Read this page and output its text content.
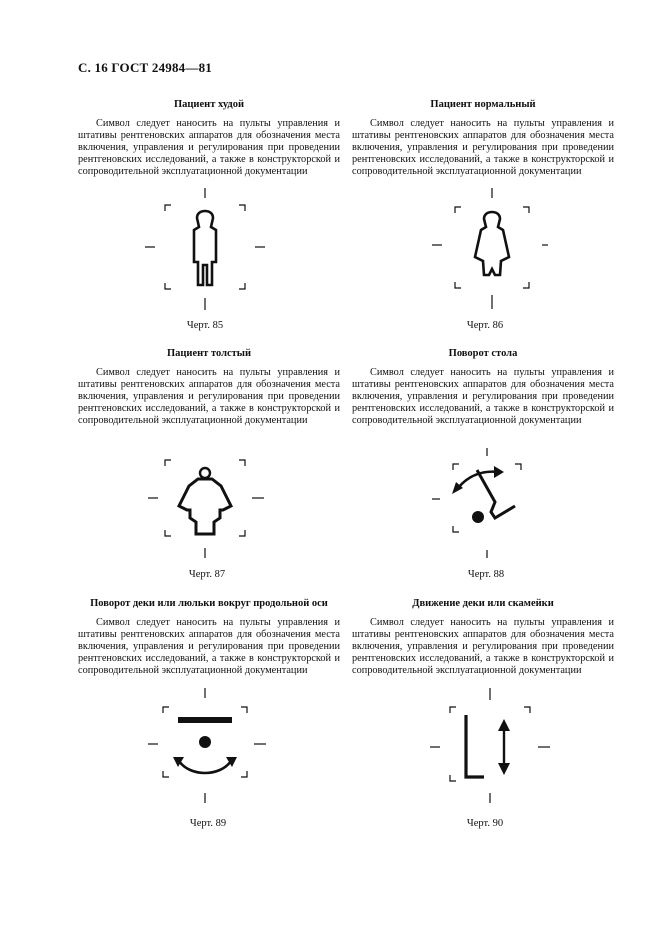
С. 16 ГОСТ 24984—81
Пациент худой

Символ следует наносить на пульты управления и штативы рентгеновских аппаратов для обозначения места включения, управления и регулирования при проведении рентгеновских исследований, а также в конструкторской и сопроводительной эксплуатационной документации

Пациент нормальный

Символ следует наносить на пульты управления и штативы рентгеновских аппаратов для обозначения места включения, управления и регулирования при проведении рентгеновских исследований, а также в конструкторской и сопроводительной эксплуатационной документации

Пациент толстый

Символ следует наносить на пульты управления и штативы рентгеновских аппаратов для обозначения места включения, управления и регулирования при проведении рентгеновских исследований, а также в конструкторской и сопроводительной эксплуатационной документации

Поворот стола

Символ следует наносить на пульты управления и штативы рентгеновских аппаратов для обозначения места включения, управления и регулирования при проведении рентгеновских исследований, а также в конструкторской и сопроводительной эксплуатационной документации

Поворот деки или люльки вокруг продольной оси

Символ следует наносить на пульты управления и штативы рентгеновских аппаратов для обозначения места включения, управления и регулирования при проведении рентгеновских исследований, а также в конструкторской и сопроводительной эксплуатационной документации

Движение деки или скамейки

Символ следует наносить на пульты управления и штативы рентгеновских аппаратов для обозначения места включения, управления и регулирования при проведении рентгеновских исследований, а также в конструкторской и сопроводительной эксплуатационной документации

Черт. 85	Черт. 86
Черт. 87	Черт. 88
Черт. 89	Черт. 90
